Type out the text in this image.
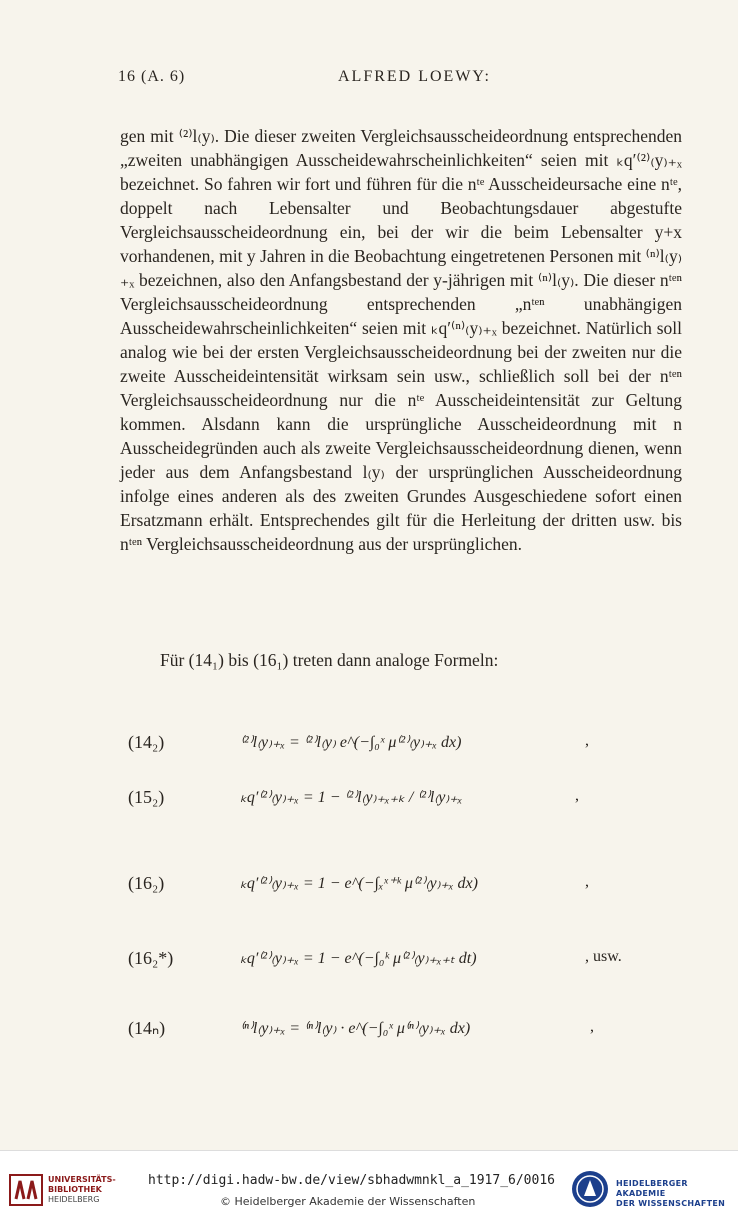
16 (A. 6)	ALFRED LOEWY:

gen mit ⁽²⁾l₍y₎. Die dieser zweiten Vergleichsausscheideordnung entsprechenden „zweiten unabhängigen Ausscheidewahrscheinlichkeiten“ seien mit ₖq′⁽²⁾₍y₎₊ₓ bezeichnet. So fahren wir fort und führen für die nᵗᵉ Ausscheideursache eine nᵗᵉ, doppelt nach Lebensalter und Beobachtungsdauer abgestufte Vergleichsausscheideordnung ein, bei der wir die beim Lebensalter y+x vorhandenen, mit y Jahren in die Beobachtung eingetretenen Personen mit ⁽ⁿ⁾l₍y₎₊ₓ bezeichnen, also den Anfangsbestand der y-jährigen mit ⁽ⁿ⁾l₍y₎. Die dieser nᵗᵉⁿ Vergleichsausscheideordnung entsprechenden „nᵗᵉⁿ unabhängigen Ausscheidewahrscheinlichkeiten“ seien mit ₖq′⁽ⁿ⁾₍y₎₊ₓ bezeichnet. Natürlich soll analog wie bei der ersten Vergleichsausscheideordnung bei der zweiten nur die zweite Ausscheideintensität wirksam sein usw., schließlich soll bei der nᵗᵉⁿ Vergleichsausscheideordnung nur die nᵗᵉ Ausscheideintensität zur Geltung kommen. Alsdann kann die ursprüngliche Ausscheideordnung mit n Ausscheidegründen auch als zweite Vergleichsausscheideordnung dienen, wenn jeder aus dem Anfangsbestand l₍y₎ der ursprünglichen Ausscheideordnung infolge eines anderen als des zweiten Grundes Ausgeschiedene sofort einen Ersatzmann erhält. Entsprechendes gilt für die Herleitung der dritten usw. bis nᵗᵉⁿ Vergleichsausscheideordnung aus der ursprünglichen.

Für (14₁) bis (16₁) treten dann analoge Formeln:
(14₂)	⁽²⁾l₍y₎₊ₓ = ⁽²⁾l₍y₎ e^(−∫₀ˣ μ⁽²⁾₍y₎₊ₓ dx)	,
(15₂)	ₖq′⁽²⁾₍y₎₊ₓ = 1 − ⁽²⁾l₍y₎₊ₓ₊ₖ / ⁽²⁾l₍y₎₊ₓ	,
(16₂)	ₖq′⁽²⁾₍y₎₊ₓ = 1 − e^(−∫ₓˣ⁺ᵏ μ⁽²⁾₍y₎₊ₓ dx)	,
(16₂*)	ₖq′⁽²⁾₍y₎₊ₓ = 1 − e^(−∫₀ᵏ μ⁽²⁾₍y₎₊ₓ₊ₜ dt)	, usw.
(14ₙ)	⁽ⁿ⁾l₍y₎₊ₓ = ⁽ⁿ⁾l₍y₎ · e^(−∫₀ˣ μ⁽ⁿ⁾₍y₎₊ₓ dx)	,
UNIVERSITÄTS-
BIBLIOTHEK
HEIDELBERG
http://digi.hadw-bw.de/view/sbhadwmnkl_a_1917_6/0016
© Heidelberger Akademie der Wissenschaften
HEIDELBERGER AKADEMIE
DER WISSENSCHAFTEN
